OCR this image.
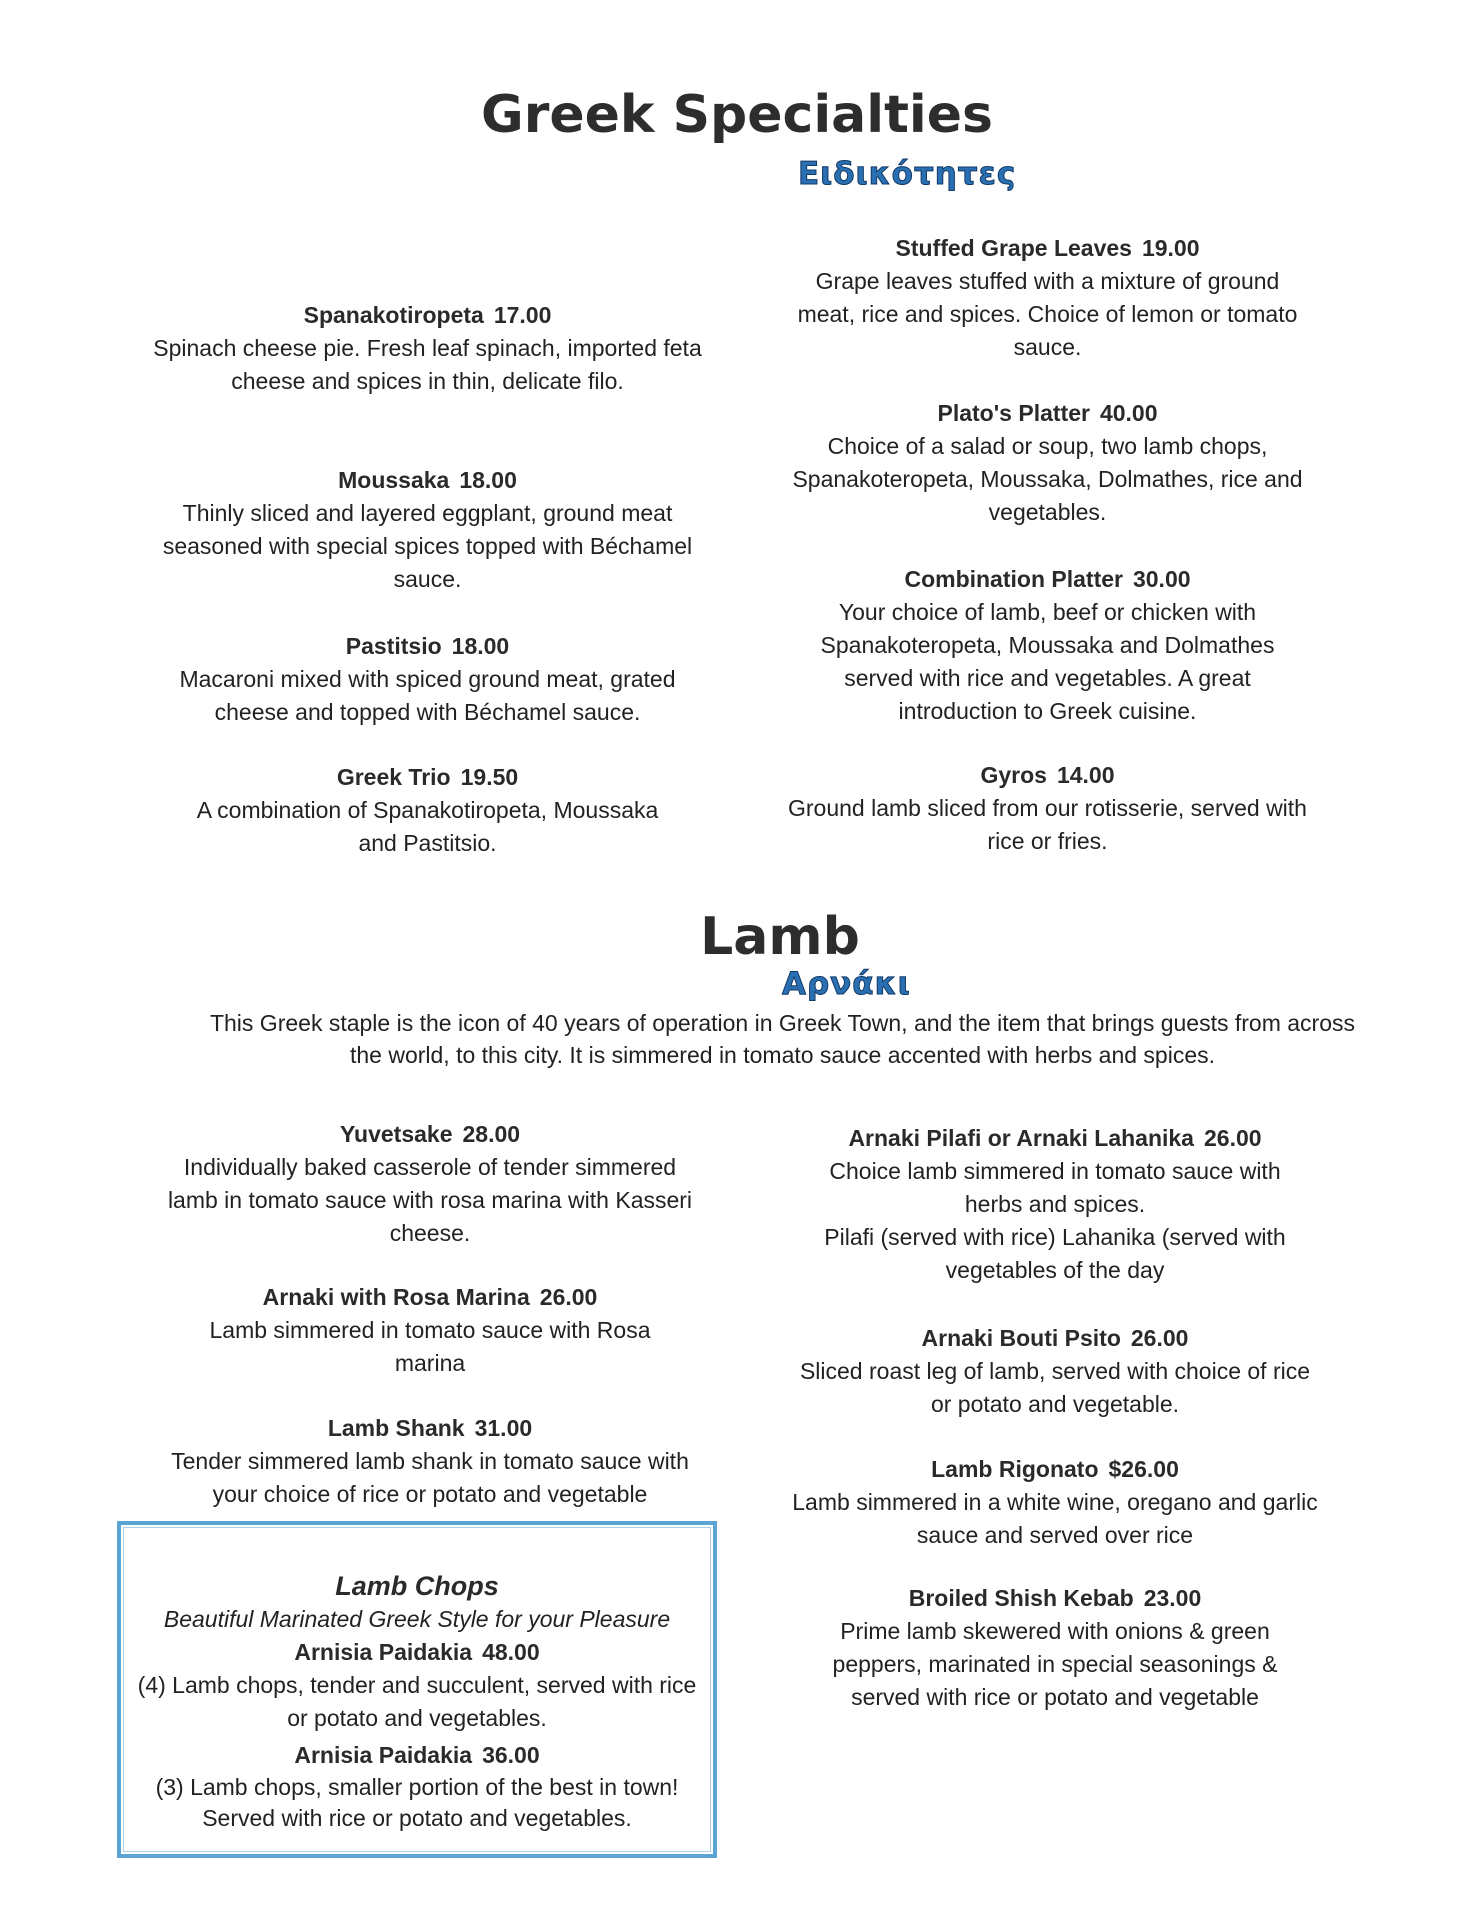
Greek Specialties
Ειδικότητες
Spanakotiropeta 17.00

Spinach cheese pie. Fresh leaf spinach, imported feta cheese and spices in thin, delicate filo.

Moussaka 18.00

Thinly sliced and layered eggplant, ground meat seasoned with special spices topped with Béchamel sauce.

Pastitsio 18.00

Macaroni mixed with spiced ground meat, grated cheese and topped with Béchamel sauce.

Greek Trio 19.50

A combination of Spanakotiropeta, Moussaka and Pastitsio.

Stuffed Grape Leaves 19.00

Grape leaves stuffed with a mixture of ground meat, rice and spices. Choice of lemon or tomato sauce.

Plato's Platter 40.00

Choice of a salad or soup, two lamb chops, Spanakoteropeta, Moussaka, Dolmathes, rice and vegetables.

Combination Platter 30.00

Your choice of lamb, beef or chicken with Spanakoteropeta, Moussaka and Dolmathes served with rice and vegetables. A great introduction to Greek cuisine.

Gyros 14.00

Ground lamb sliced from our rotisserie, served with rice or fries.

Lamb
Αρνάκι

This Greek staple is the icon of 40 years of operation in Greek Town, and the item that brings guests from across the world, to this city. It is simmered in tomato sauce accented with herbs and spices.

Yuvetsake 28.00

Individually baked casserole of tender simmered lamb in tomato sauce with rosa marina with Kasseri cheese.

Arnaki with Rosa Marina 26.00

Lamb simmered in tomato sauce with Rosa marina

Lamb Shank 31.00

Tender simmered lamb shank in tomato sauce with your choice of rice or potato and vegetable

Lamb Chops

Beautiful Marinated Greek Style for your Pleasure

Arnisia Paidakia 48.00

(4) Lamb chops, tender and succulent, served with rice or potato and vegetables.

Arnisia Paidakia 36.00

(3) Lamb chops, smaller portion of the best in town! Served with rice or potato and vegetables.

Arnaki Pilafi or Arnaki Lahanika 26.00

Choice lamb simmered in tomato sauce with herbs and spices.

Pilafi (served with rice) Lahanika (served with vegetables of the day

Arnaki Bouti Psito 26.00

Sliced roast leg of lamb, served with choice of rice or potato and vegetable.

Lamb Rigonato $26.00

Lamb simmered in a white wine, oregano and garlic sauce and served over rice

Broiled Shish Kebab 23.00

Prime lamb skewered with onions & green peppers, marinated in special seasonings & served with rice or potato and vegetable
